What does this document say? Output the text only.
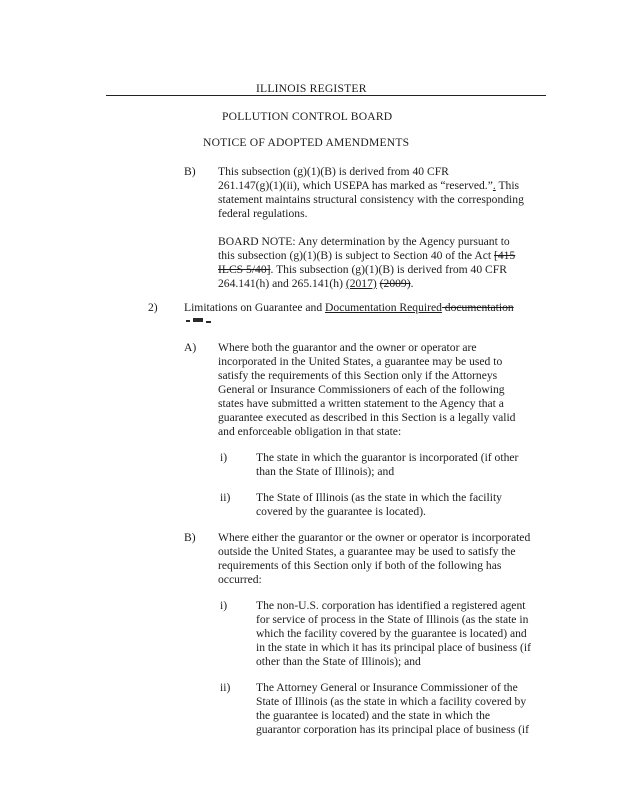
ILLINOIS REGISTER
POLLUTION CONTROL BOARD
NOTICE OF ADOPTED AMENDMENTS
B) This subsection (g)(1)(B) is derived from 40 CFR
261.147(g)(1)(ii), which USEPA has marked as “reserved.”. This
statement maintains structural consistency with the corresponding
federal regulations.
BOARD NOTE: Any determination by the Agency pursuant to
this subsection (g)(1)(B) is subject to Section 40 of the Act [415
ILCS 5/40]. This subsection (g)(1)(B) is derived from 40 CFR
264.141(h) and 265.141(h) (2017) (2009).
2) Limitations on Guarantee and Documentation Required documentation
A) Where both the guarantor and the owner or operator are
incorporated in the United States, a guarantee may be used to
satisfy the requirements of this Section only if the Attorneys
General or Insurance Commissioners of each of the following
states have submitted a written statement to the Agency that a
guarantee executed as described in this Section is a legally valid
and enforceable obligation in that state:
i) The state in which the guarantor is incorporated (if other
than the State of Illinois); and
ii) The State of Illinois (as the state in which the facility
covered by the guarantee is located).
B) Where either the guarantor or the owner or operator is incorporated
outside the United States, a guarantee may be used to satisfy the
requirements of this Section only if both of the following has
occurred:
i) The non-U.S. corporation has identified a registered agent
for service of process in the State of Illinois (as the state in
which the facility covered by the guarantee is located) and
in the state in which it has its principal place of business (if
other than the State of Illinois); and
ii) The Attorney General or Insurance Commissioner of the
State of Illinois (as the state in which a facility covered by
the guarantee is located) and the state in which the
guarantor corporation has its principal place of business (if
